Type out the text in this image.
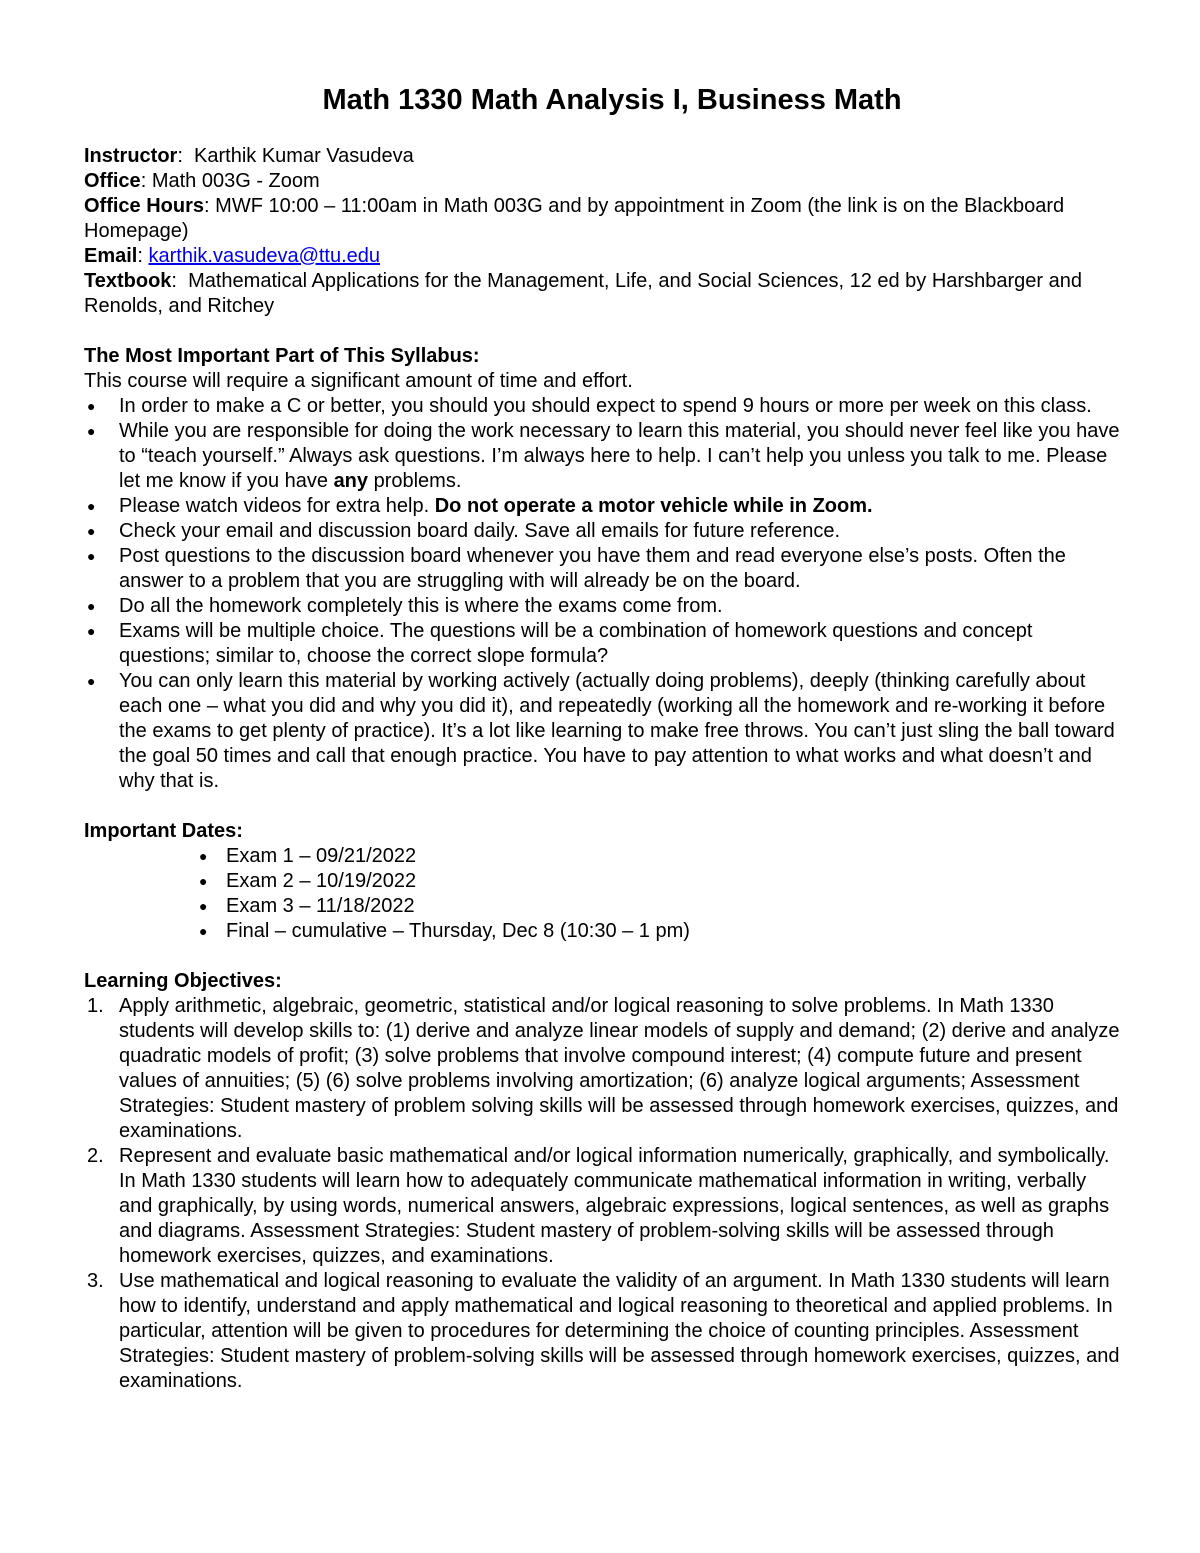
Math 1330 Math Analysis I, Business Math

Instructor:  Karthik Kumar Vasudeva

Office: Math 003G - Zoom

Office Hours: MWF 10:00 – 11:00am in Math 003G and by appointment in Zoom (the link is on the Blackboard Homepage)

Email: karthik.vasudeva@ttu.edu

Textbook:  Mathematical Applications for the Management, Life, and Social Sciences, 12 ed by Harshbarger and Renolds, and Ritchey

The Most Important Part of This Syllabus:

This course will require a significant amount of time and effort.

● In order to make a C or better, you should you should expect to spend 9 hours or more per week on this class.
● While you are responsible for doing the work necessary to learn this material, you should never feel like you have to “teach yourself.” Always ask questions. I’m always here to help. I can’t help you unless you talk to me. Please let me know if you have any problems.
● Please watch videos for extra help. Do not operate a motor vehicle while in Zoom.
● Check your email and discussion board daily. Save all emails for future reference.
● Post questions to the discussion board whenever you have them and read everyone else’s posts. Often the answer to a problem that you are struggling with will already be on the board.
● Do all the homework completely this is where the exams come from.
● Exams will be multiple choice. The questions will be a combination of homework questions and concept questions; similar to, choose the correct slope formula?
● You can only learn this material by working actively (actually doing problems), deeply (thinking carefully about each one – what you did and why you did it), and repeatedly (working all the homework and re-working it before the exams to get plenty of practice). It’s a lot like learning to make free throws. You can’t just sling the ball toward the goal 50 times and call that enough practice. You have to pay attention to what works and what doesn’t and why that is.

Important Dates:

● Exam 1 – 09/21/2022
● Exam 2 – 10/19/2022
● Exam 3 – 11/18/2022
● Final – cumulative – Thursday, Dec 8 (10:30 – 1 pm)

Learning Objectives:

1. Apply arithmetic, algebraic, geometric, statistical and/or logical reasoning to solve problems. In Math 1330 students will develop skills to: (1) derive and analyze linear models of supply and demand; (2) derive and analyze quadratic models of profit; (3) solve problems that involve compound interest; (4) compute future and present values of annuities; (5) (6) solve problems involving amortization; (6) analyze logical arguments; Assessment Strategies: Student mastery of problem solving skills will be assessed through homework exercises, quizzes, and examinations.
2. Represent and evaluate basic mathematical and/or logical information numerically, graphically, and symbolically. In Math 1330 students will learn how to adequately communicate mathematical information in writing, verbally and graphically, by using words, numerical answers, algebraic expressions, logical sentences, as well as graphs and diagrams. Assessment Strategies: Student mastery of problem-solving skills will be assessed through homework exercises, quizzes, and examinations.
3. Use mathematical and logical reasoning to evaluate the validity of an argument. In Math 1330 students will learn how to identify, understand and apply mathematical and logical reasoning to theoretical and applied problems. In particular, attention will be given to procedures for determining the choice of counting principles. Assessment Strategies: Student mastery of problem-solving skills will be assessed through homework exercises, quizzes, and examinations.
